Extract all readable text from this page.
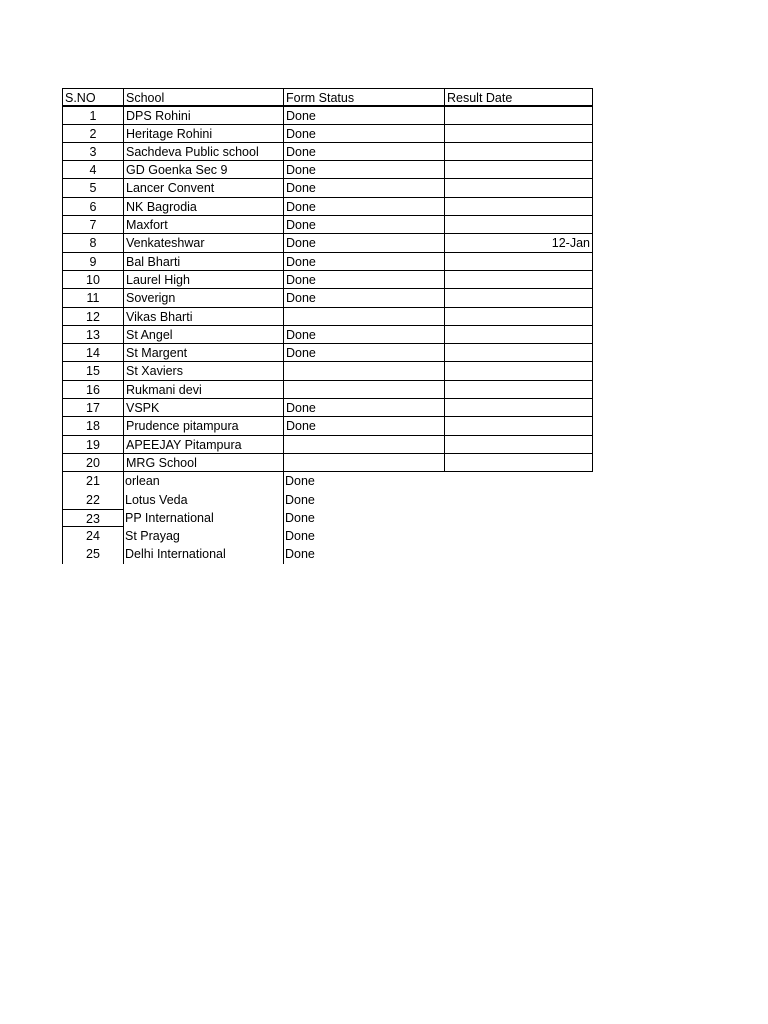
S.NO	School	Form Status	Result Date
1	DPS Rohini	Done
2	Heritage Rohini	Done
3	Sachdeva Public school	Done
4	GD Goenka Sec 9	Done
5	Lancer Convent	Done
6	NK Bagrodia	Done
7	Maxfort	Done
8	Venkateshwar	Done	12-Jan
9	Bal Bharti	Done
10	Laurel High	Done
11	Soverign	Done
12	Vikas Bharti
13	St Angel	Done
14	St Margent	Done
15	St Xaviers
16	Rukmani devi
17	VSPK	Done
18	Prudence pitampura	Done
19	APEEJAY Pitampura
20	MRG School
21	orlean	Done
22	Lotus Veda	Done
23	PP International	Done
24	St Prayag	Done
25	Delhi International	Done
